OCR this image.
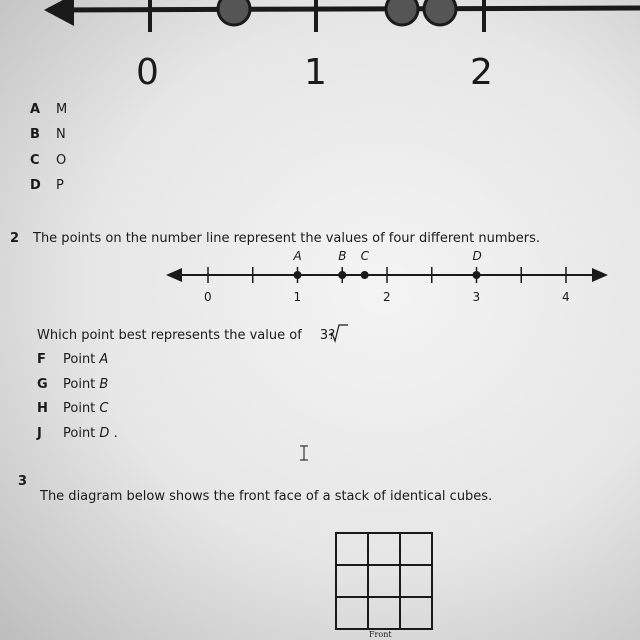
0	1	2
A M
B N
C O
D P
2 The points on the number line represent the values of four different numbers.
A	B C	D
0	1	2	3	4
Which point best represents the value of 3?
F Point A
G Point B
H Point C
J Point D .
3
The diagram below shows the front face of a stack of identical cubes.
Front
